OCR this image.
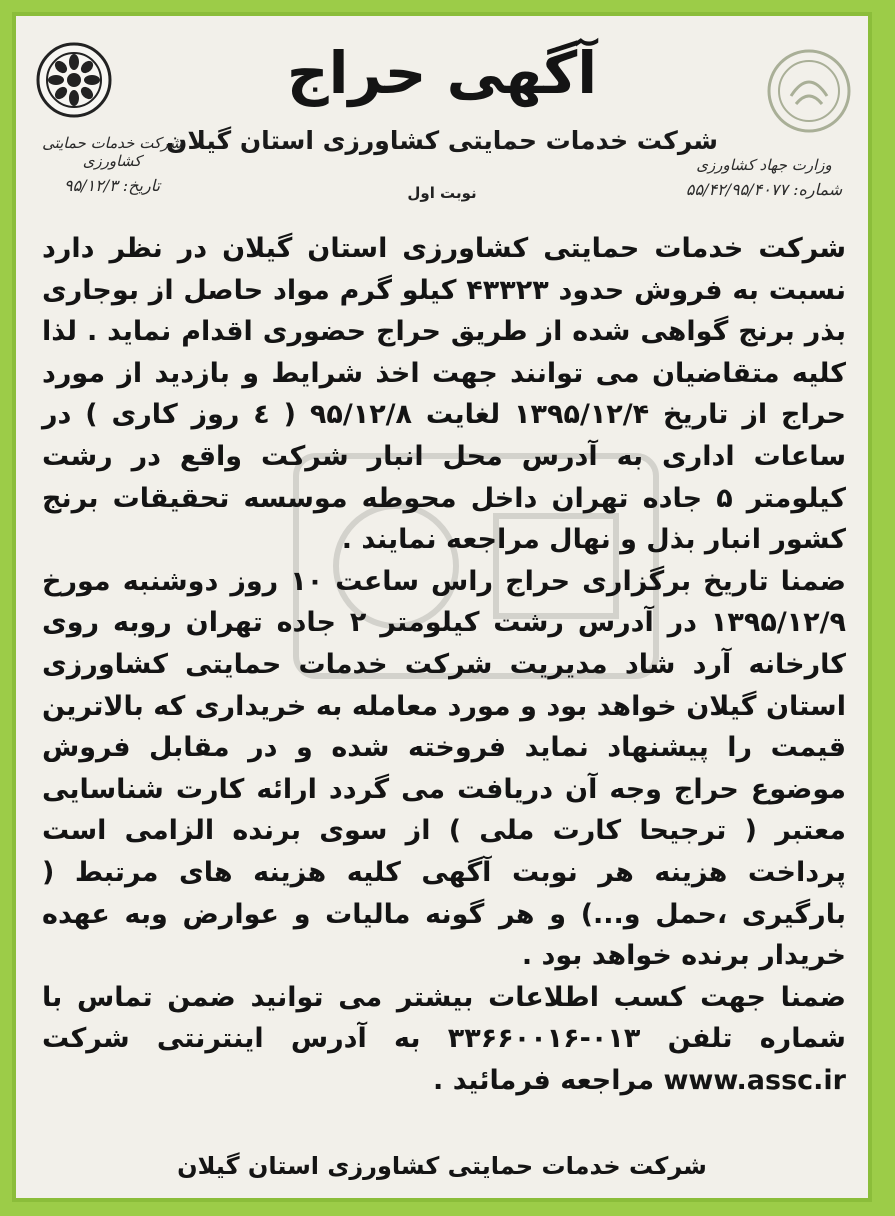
آگهی حراج
شرکت خدمات حمایتی کشاورزی استان گیلان
نوبت اول
شرکت خدمات حمایتی کشاورزی
تاریخ: ۹۵/۱۲/۳
وزارت جهاد کشاورزی
شماره: ۵۵/۴۲/۹۵/۴۰۷۷

شرکت خدمات حمایتی کشاورزی استان گیلان در نظر دارد نسبت به فروش حدود ۴۳۳۲۳ کیلو گرم مواد حاصل از بوجاری بذر برنج گواهی شده از طریق حراج حضوری اقدام نماید . لذا کلیه متقاضیان می توانند جهت اخذ شرایط و بازدید از مورد حراج از تاریخ ۱۳۹۵/۱۲/۴ لغایت ۹۵/۱۲/۸ ( ٤ روز کاری ) در ساعات اداری به آدرس محل انبار شرکت واقع در رشت کیلومتر ۵ جاده تهران داخل محوطه موسسه تحقیقات برنج کشور انبار بذل و نهال مراجعه نمایند .

ضمنا تاریخ برگزاری حراج راس ساعت ۱۰ روز دوشنبه مورخ ۱۳۹۵/۱۲/۹ در آدرس رشت کیلومتر ۲ جاده تهران روبه روی کارخانه آرد شاد مدیریت شرکت خدمات حمایتی کشاورزی استان گیلان خواهد بود و مورد معامله به خریداری که بالاترین قیمت را پیشنهاد نماید فروخته شده و در مقابل فروش موضوع حراج وجه آن دریافت می گردد ارائه کارت شناسایی معتبر ( ترجیحا کارت ملی ) از سوی برنده الزامی است پرداخت هزینه هر نوبت آگهی کلیه هزینه های مرتبط ( بارگیری ،حمل و...) و هر گونه مالیات و عوارض وبه عهده خریدار برنده خواهد بود .

ضمنا جهت کسب اطلاعات بیشتر می توانید ضمن تماس با شماره تلفن ۰۱۳-۳۳۶۶۰۰۱۶ به آدرس اینترنتی شرکت www.assc.ir مراجعه فرمائید .

شرکت خدمات حمایتی کشاورزی استان گیلان
